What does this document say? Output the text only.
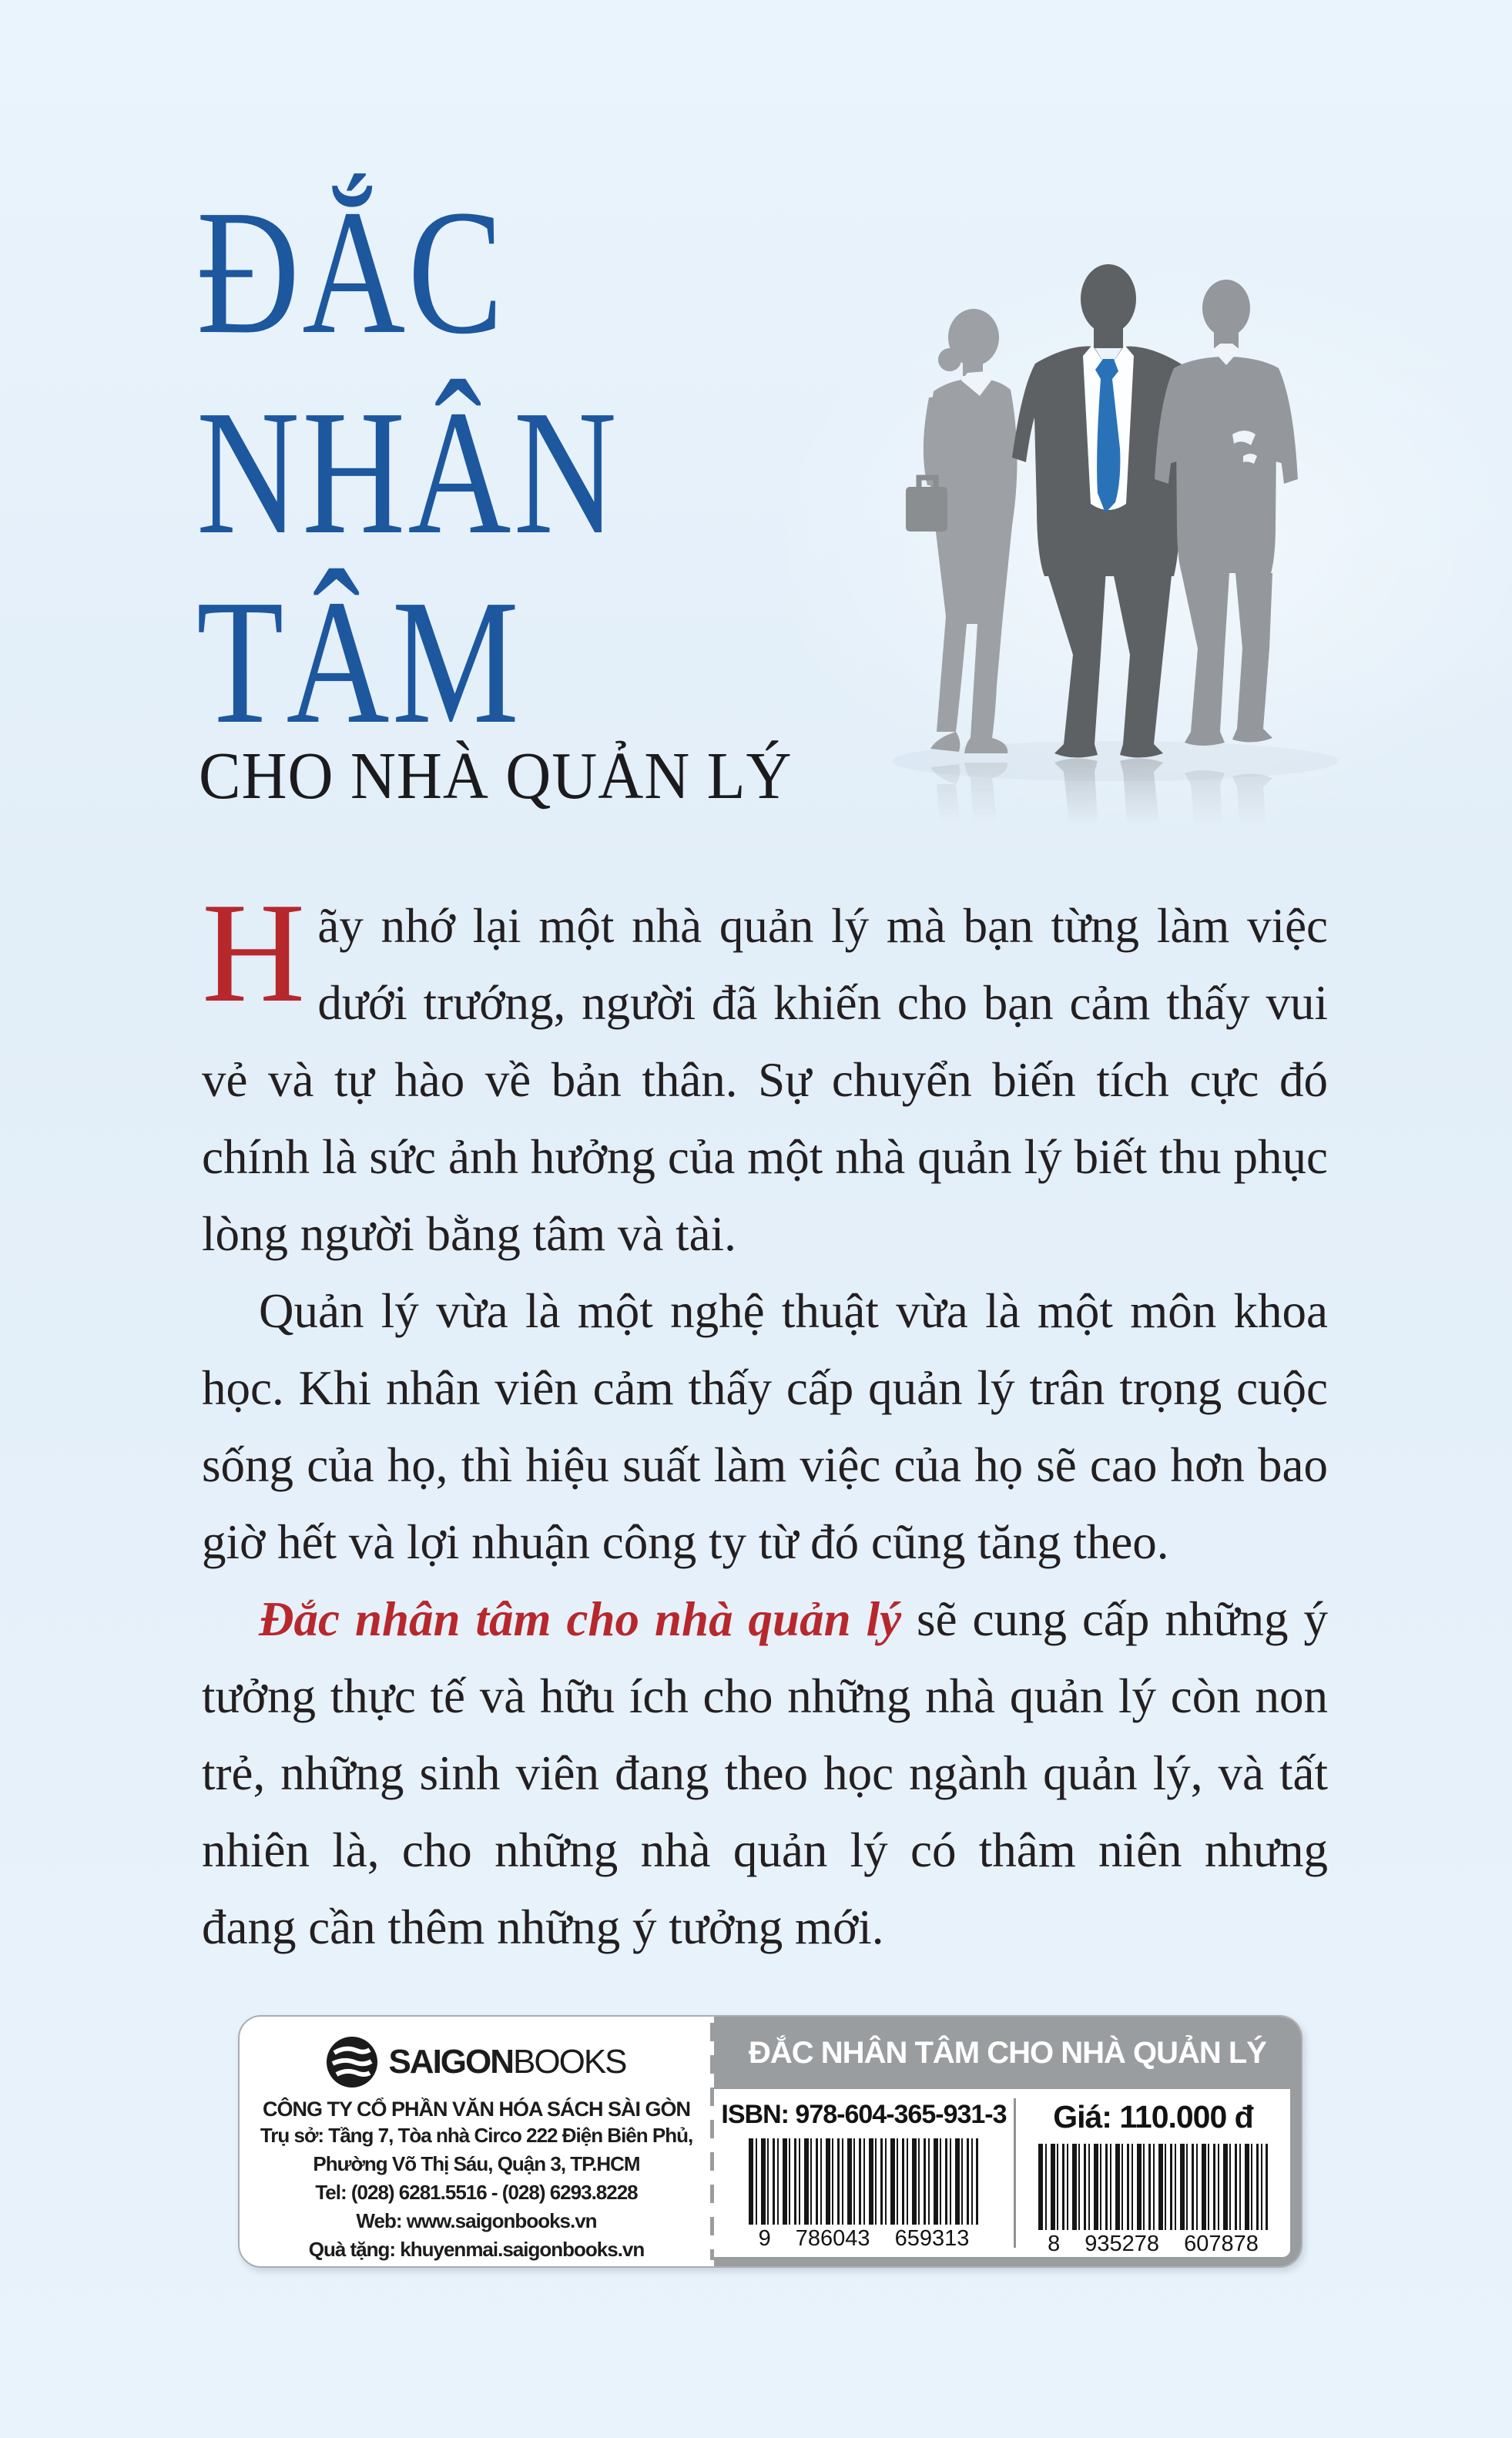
ĐẮC
NHÂN
TÂM
CHO NHÀ QUẢN LÝ

Hãy nhớ lại một nhà quản lý mà bạn từng làm việc dưới trướng, người đã khiến cho bạn cảm thấy vui vẻ và tự hào về bản thân. Sự chuyển biến tích cực đó chính là sức ảnh hưởng của một nhà quản lý biết thu phục lòng người bằng tâm và tài.

Quản lý vừa là một nghệ thuật vừa là một môn khoa học. Khi nhân viên cảm thấy cấp quản lý trân trọng cuộc sống của họ, thì hiệu suất làm việc của họ sẽ cao hơn bao giờ hết và lợi nhuận công ty từ đó cũng tăng theo.

Đắc nhân tâm cho nhà quản lý sẽ cung cấp những ý tưởng thực tế và hữu ích cho những nhà quản lý còn non trẻ, những sinh viên đang theo học ngành quản lý, và tất nhiên là, cho những nhà quản lý có thâm niên nhưng đang cần thêm những ý tưởng mới.

SAIGONBOOKS
CÔNG TY CỔ PHẦN VĂN HÓA SÁCH SÀI GÒN
Trụ sở: Tầng 7, Tòa nhà Circo 222 Điện Biên Phủ,
Phường Võ Thị Sáu, Quận 3, TP.HCM
Tel: (028) 6281.5516 - (028) 6293.8228
Web: www.saigonbooks.vn
Quà tặng: khuyenmai.saigonbooks.vn
ĐẮC NHÂN TÂM CHO NHÀ QUẢN LÝ
ISBN: 978-604-365-931-3
9 786043 659313
Giá: 110.000 đ
8 935278 607878
